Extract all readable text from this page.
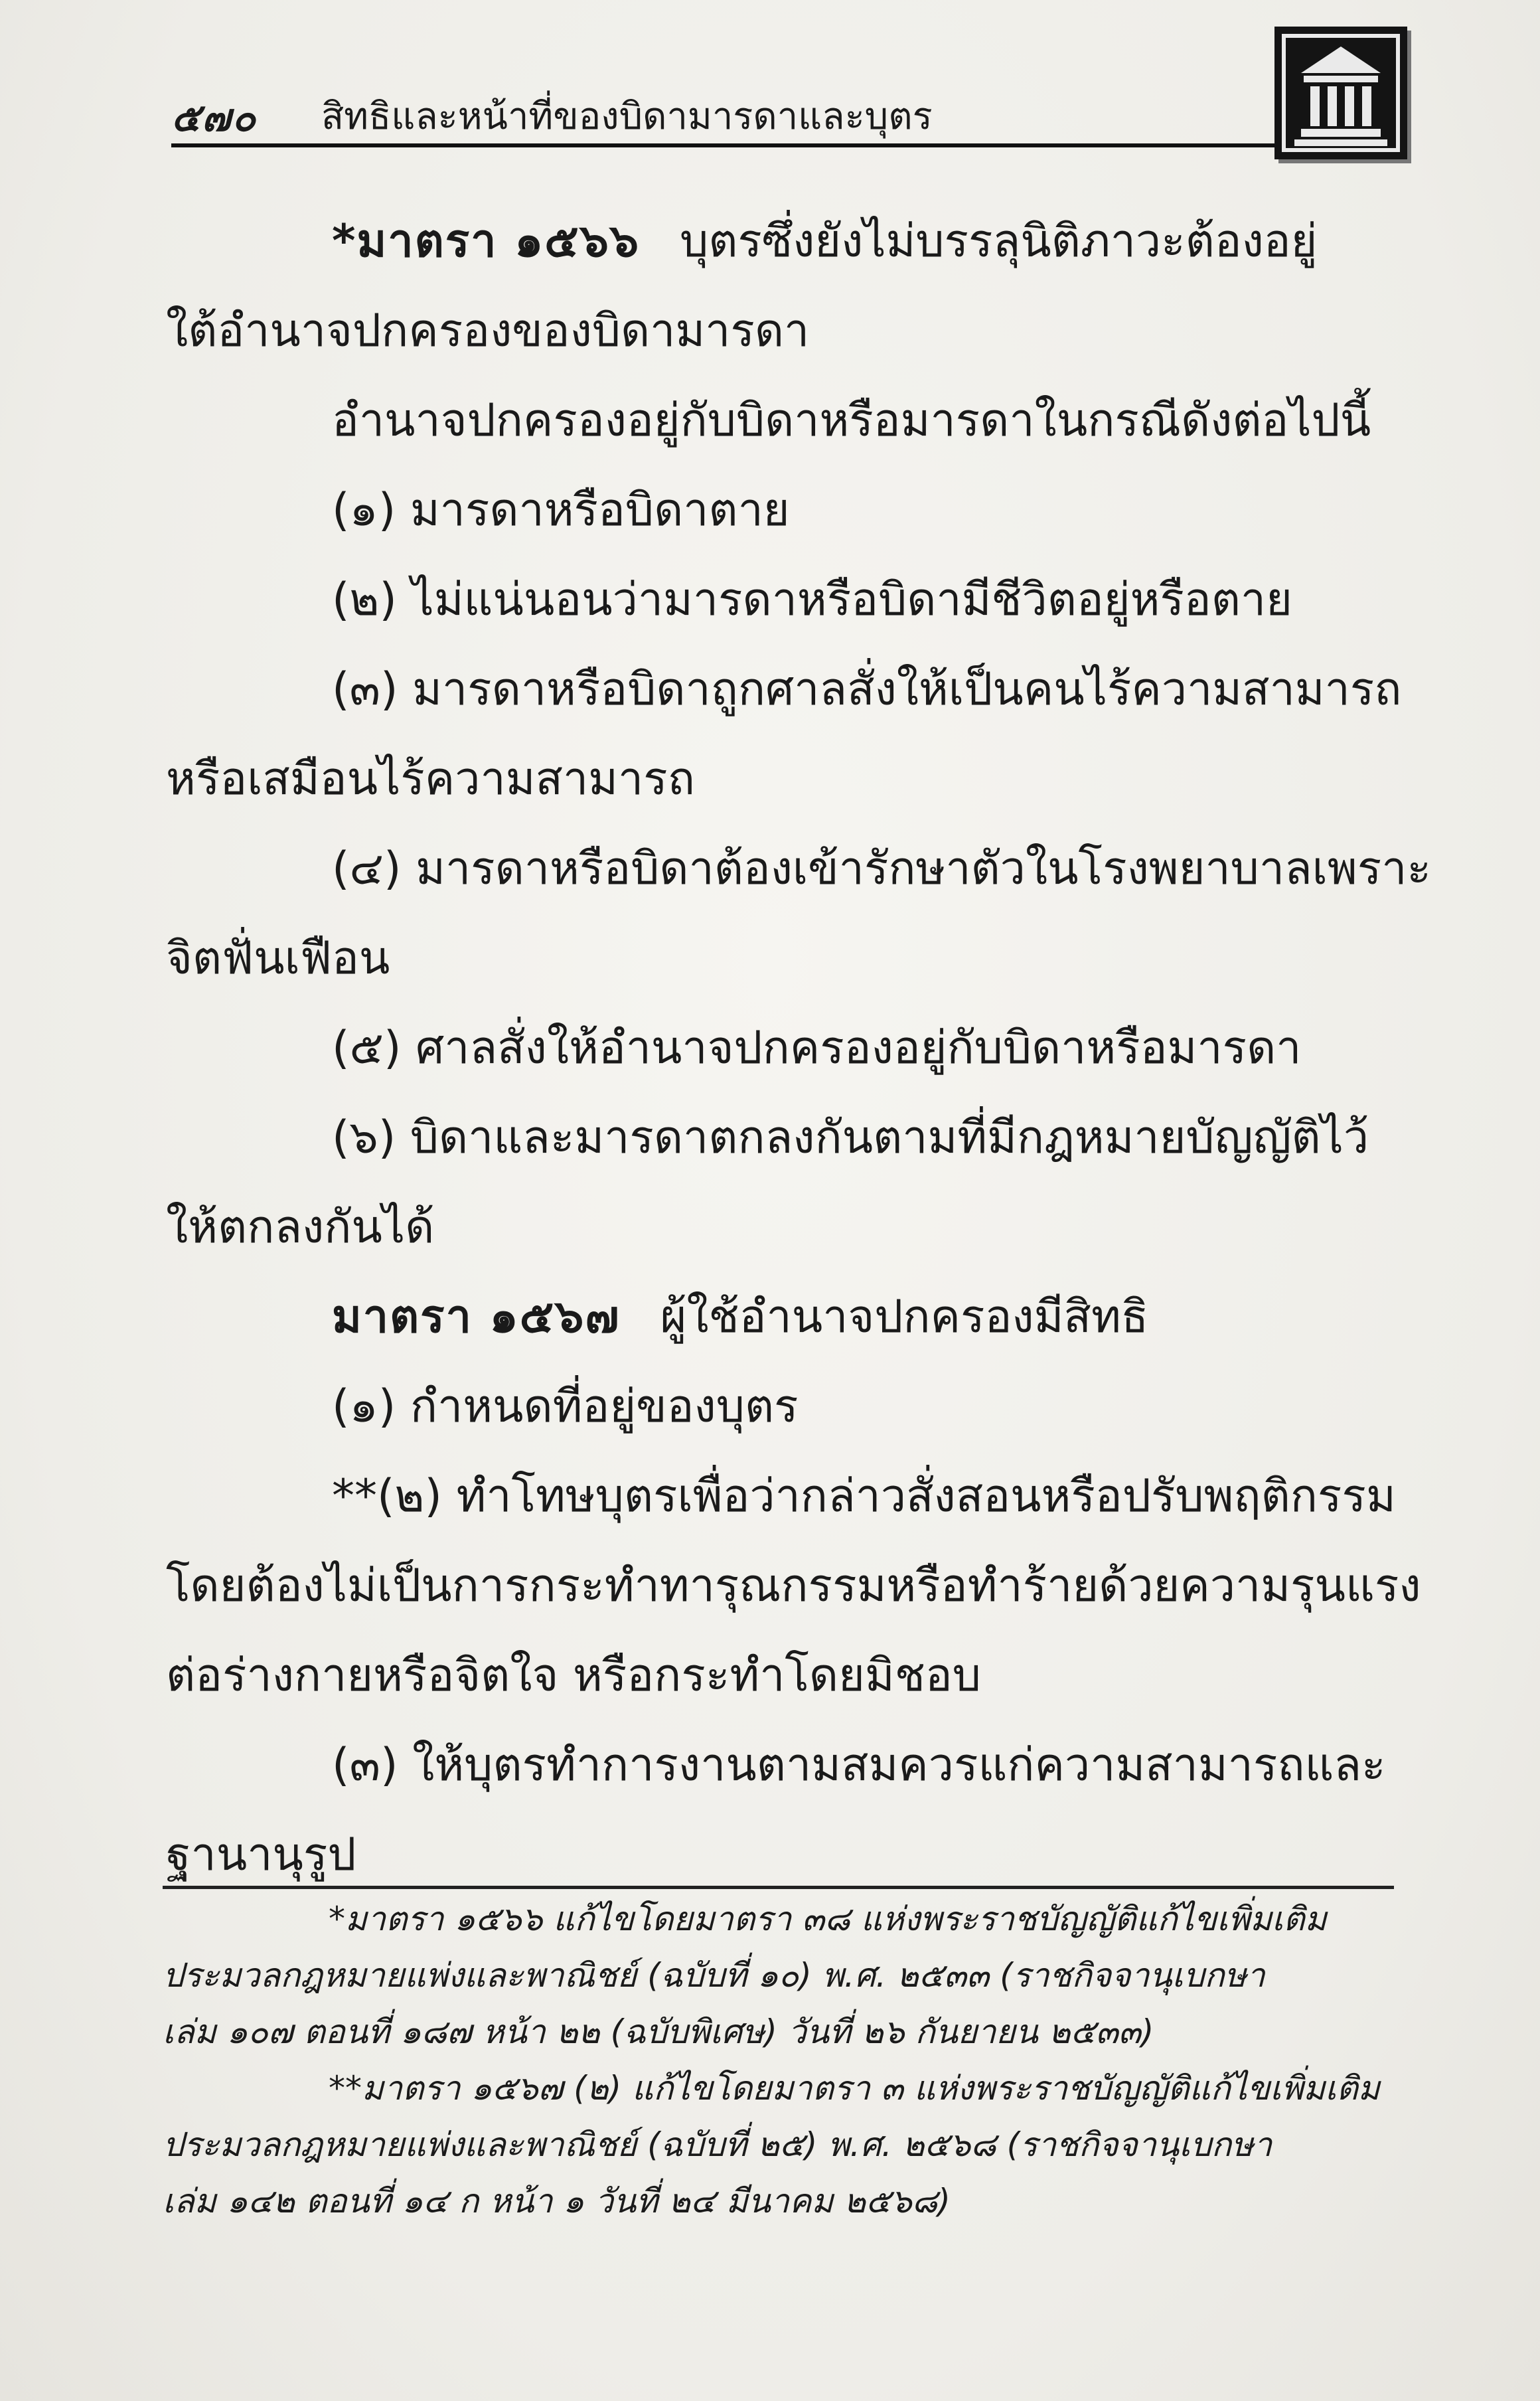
๕๗๐ สิทธิและหน้าที่ของบิดามารดาและบุตร
*มาตรา ๑๕๖๖ บุตรซึ่งยังไม่บรรลุนิติภาวะต้องอยู่
ใต้อำนาจปกครองของบิดามารดา
อำนาจปกครองอยู่กับบิดาหรือมารดาในกรณีดังต่อไปนี้
(๑) มารดาหรือบิดาตาย
(๒) ไม่แน่นอนว่ามารดาหรือบิดามีชีวิตอยู่หรือตาย
(๓) มารดาหรือบิดาถูกศาลสั่งให้เป็นคนไร้ความสามารถ
หรือเสมือนไร้ความสามารถ
(๔) มารดาหรือบิดาต้องเข้ารักษาตัวในโรงพยาบาลเพราะ
จิตฟั่นเฟือน
(๕) ศาลสั่งให้อำนาจปกครองอยู่กับบิดาหรือมารดา
(๖) บิดาและมารดาตกลงกันตามที่มีกฎหมายบัญญัติไว้
ให้ตกลงกันได้
มาตรา ๑๕๖๗ ผู้ใช้อำนาจปกครองมีสิทธิ
(๑) กำหนดที่อยู่ของบุตร
**(๒) ทำโทษบุตรเพื่อว่ากล่าวสั่งสอนหรือปรับพฤติกรรม
โดยต้องไม่เป็นการกระทำทารุณกรรมหรือทำร้ายด้วยความรุนแรง
ต่อร่างกายหรือจิตใจ หรือกระทำโดยมิชอบ
(๓) ให้บุตรทำการงานตามสมควรแก่ความสามารถและ
ฐานานุรูป
*มาตรา ๑๕๖๖ แก้ไขโดยมาตรา ๓๘ แห่งพระราชบัญญัติแก้ไขเพิ่มเติม
ประมวลกฎหมายแพ่งและพาณิชย์ (ฉบับที่ ๑๐) พ.ศ. ๒๕๓๓ (ราชกิจจานุเบกษา
เล่ม ๑๐๗ ตอนที่ ๑๘๗ หน้า ๒๒ (ฉบับพิเศษ) วันที่ ๒๖ กันยายน ๒๕๓๓)
**มาตรา ๑๕๖๗ (๒) แก้ไขโดยมาตรา ๓ แห่งพระราชบัญญัติแก้ไขเพิ่มเติม
ประมวลกฎหมายแพ่งและพาณิชย์ (ฉบับที่ ๒๕) พ.ศ. ๒๕๖๘ (ราชกิจจานุเบกษา
เล่ม ๑๔๒ ตอนที่ ๑๔ ก หน้า ๑ วันที่ ๒๔ มีนาคม ๒๕๖๘)
